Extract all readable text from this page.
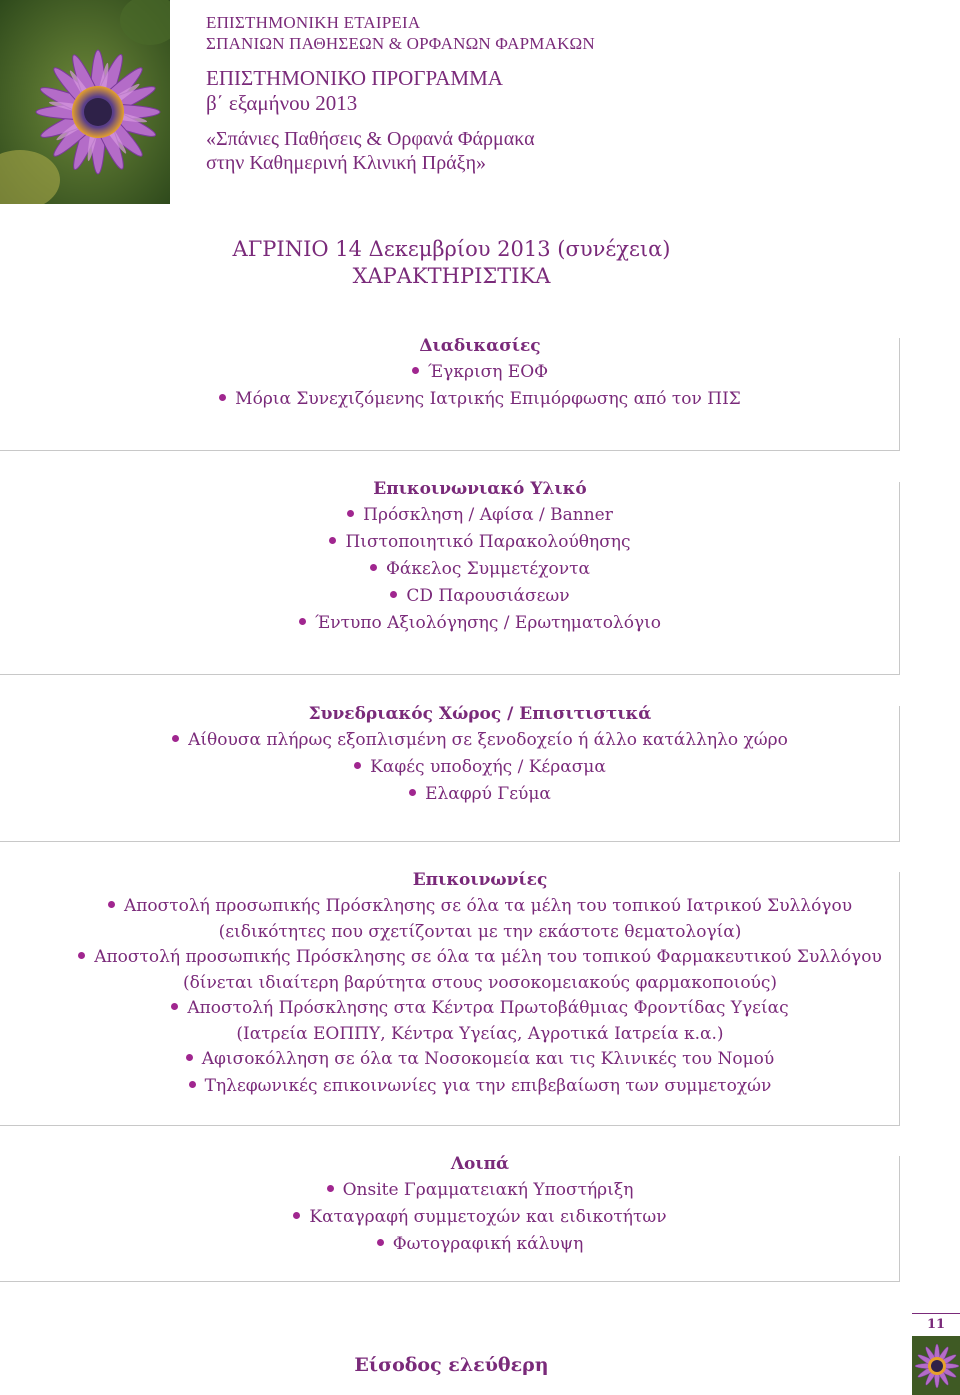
ΕΠΙΣΤΗΜΟΝΙΚΗ ΕΤΑΙΡΕΙΑ
ΣΠΑΝΙΩΝ ΠΑΘΗΣΕΩΝ & ΟΡΦΑΝΩΝ ΦΑΡΜΑΚΩΝ
ΕΠΙΣΤΗΜΟΝΙΚΟ ΠΡΟΓΡΑΜΜΑ
β΄ εξαμήνου 2013
«Σπάνιες Παθήσεις & Ορφανά Φάρμακα
στην Καθημερινή Κλινική Πράξη»
ΑΓΡΙΝΙΟ 14 Δεκεμβρίου 2013 (συνέχεια)
ΧΑΡΑΚΤΗΡΙΣΤΙΚΑ
Διαδικασίες
Έγκριση ΕΟΦ
Μόρια Συνεχιζόμενης Ιατρικής Επιμόρφωσης από τον ΠΙΣ
Επικοινωνιακό Υλικό
Πρόσκληση / Αφίσα / Banner
Πιστοποιητικό Παρακολούθησης
Φάκελος Συμμετέχοντα
CD Παρουσιάσεων
Έντυπο Αξιολόγησης / Ερωτηματολόγιο
Συνεδριακός Χώρος / Επισιτιστικά
Αίθουσα πλήρως εξοπλισμένη σε ξενοδοχείο ή άλλο κατάλληλο χώρο
Καφές υποδοχής / Κέρασμα
Ελαφρύ Γεύμα
Επικοινωνίες
Αποστολή προσωπικής Πρόσκλησης σε όλα τα μέλη του τοπικού Ιατρικού Συλλόγου
(ειδικότητες που σχετίζονται με την εκάστοτε θεματολογία)
Αποστολή προσωπικής Πρόσκλησης σε όλα τα μέλη του τοπικού Φαρμακευτικού Συλλόγου
(δίνεται ιδιαίτερη βαρύτητα στους νοσοκομειακούς φαρμακοποιούς)
Αποστολή Πρόσκλησης στα Κέντρα Πρωτοβάθμιας Φροντίδας Υγείας
(Ιατρεία ΕΟΠΠΥ, Κέντρα Υγείας, Αγροτικά Ιατρεία κ.α.)
Αφισοκόλληση σε όλα τα Νοσοκομεία και τις Κλινικές του Νομού
Τηλεφωνικές επικοινωνίες για την επιβεβαίωση των συμμετοχών
Λοιπά
Onsite Γραμματειακή Υποστήριξη
Καταγραφή συμμετοχών και ειδικοτήτων
Φωτογραφική κάλυψη
Είσοδος ελεύθερη
11
